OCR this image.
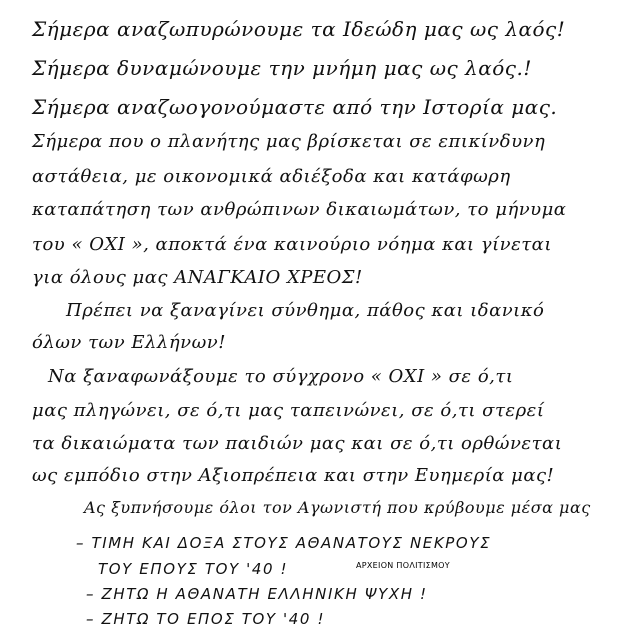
Σήμερα αναζωπυρώνουμε τα Ιδεώδη μας ως λαός!
Σήμερα δυναμώνουμε την μνήμη μας ως λαός.!
Σήμερα αναζωογονούμαστε από την Ιστορία μας.
Σήμερα που ο πλανήτης μας βρίσκεται σε επικίνδυνη
αστάθεια, με οικονομικά αδιέξοδα και κατάφωρη
καταπάτηση των ανθρώπινων δικαιωμάτων, το μήνυμα
του « ΟΧΙ », αποκτά ένα καινούριο νόημα και γίνεται
για όλους μας ΑΝΑΓΚΑΙΟ ΧΡΕΟΣ!
Πρέπει να ξαναγίνει σύνθημα, πάθος και ιδανικό
όλων των Ελλήνων!
Να ξαναφωνάξουμε το σύγχρονο « ΟΧΙ » σε ό,τι
μας πληγώνει, σε ό,τι μας ταπεινώνει, σε ό,τι στερεί
τα δικαιώματα των παιδιών μας και σε ό,τι ορθώνεται
ως εμπόδιο στην Αξιοπρέπεια και στην Ευημερία μας!
Ας ξυπνήσουμε όλοι τον Αγωνιστή που κρύβουμε μέσα μας
– ΤΙΜΗ ΚΑΙ ΔΟΞΑ ΣΤΟΥΣ ΑΘΑΝΑΤΟΥΣ ΝΕΚΡΟΥΣ
ΤΟΥ ΕΠΟΥΣ ΤΟΥ '40 !	ΑΡΧΕΙΟΝ ΠΟΛΙΤΙΣΜΟΥ
– ΖΗΤΩ Η ΑΘΑΝΑΤΗ ΕΛΛΗΝΙΚΗ ΨΥΧΗ !
– ΖΗΤΩ ΤΟ ΕΠΟΣ ΤΟΥ '40 !
